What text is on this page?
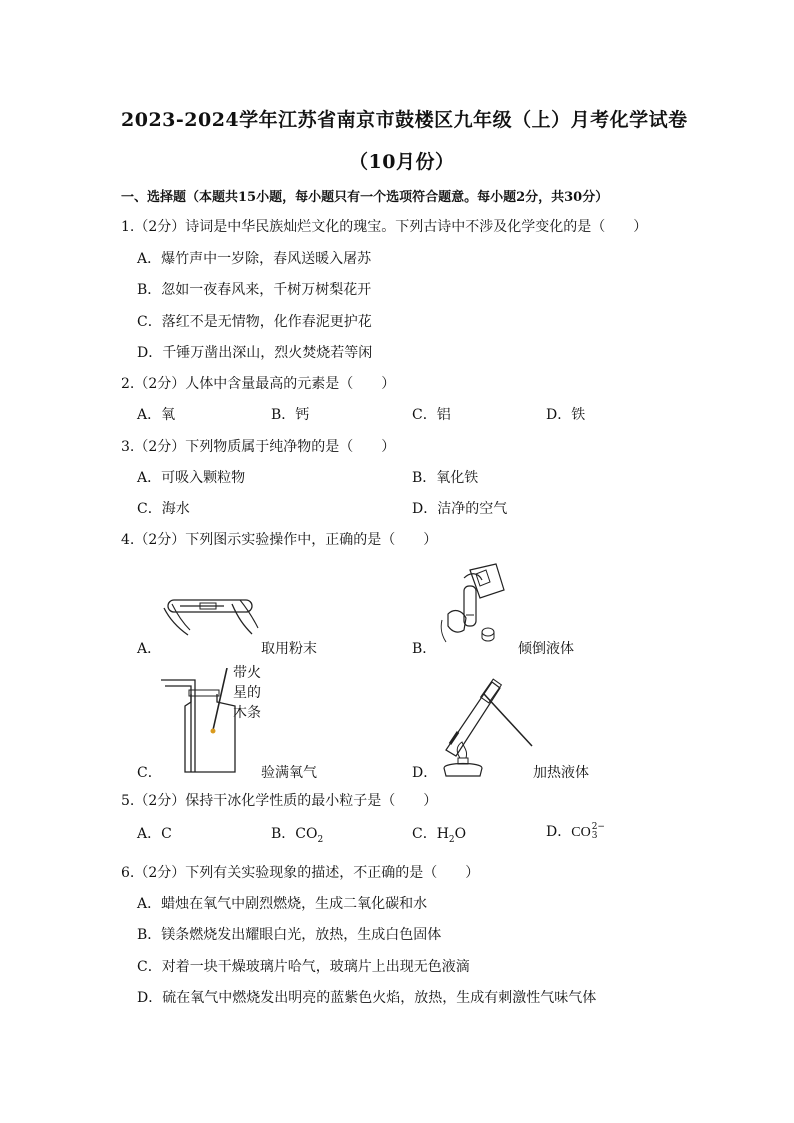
2023-2024学年江苏省南京市鼓楼区九年级（上）月考化学试卷
（10月份）
一、选择题（本题共15小题，每小题只有一个选项符合题意。每小题2分，共30分）
1.（2分）诗词是中华民族灿烂文化的瑰宝。下列古诗中不涉及化学变化的是（　　）
A．爆竹声中一岁除，春风送暖入屠苏
B．忽如一夜春风来，千树万树梨花开
C．落红不是无情物，化作春泥更护花
D．千锤万凿出深山，烈火焚烧若等闲
2.（2分）人体中含量最高的元素是（　　）
A．氧	B．钙	C．铝	D．铁
3.（2分）下列物质属于纯净物的是（　　）
A．可吸入颗粒物	B．氧化铁
C．海水	D．洁净的空气
4.（2分）下列图示实验操作中，正确的是（　　）
A．	取用粉末	B．	倾倒液体
带火
星的
木条
C．	验满氧气	D．	加热液体
5.（2分）保持干冰化学性质的最小粒子是（　　）
A．C	B．$CO_2$	C．$H_2O$	D．CO 2−
3
6.（2分）下列有关实验现象的描述，不正确的是（　　）
A．蜡烛在氧气中剧烈燃烧，生成二氧化碳和水
B．镁条燃烧发出耀眼白光，放热，生成白色固体
C．对着一块干燥玻璃片哈气，玻璃片上出现无色液滴
D．硫在氧气中燃烧发出明亮的蓝紫色火焰，放热，生成有刺激性气味气体
